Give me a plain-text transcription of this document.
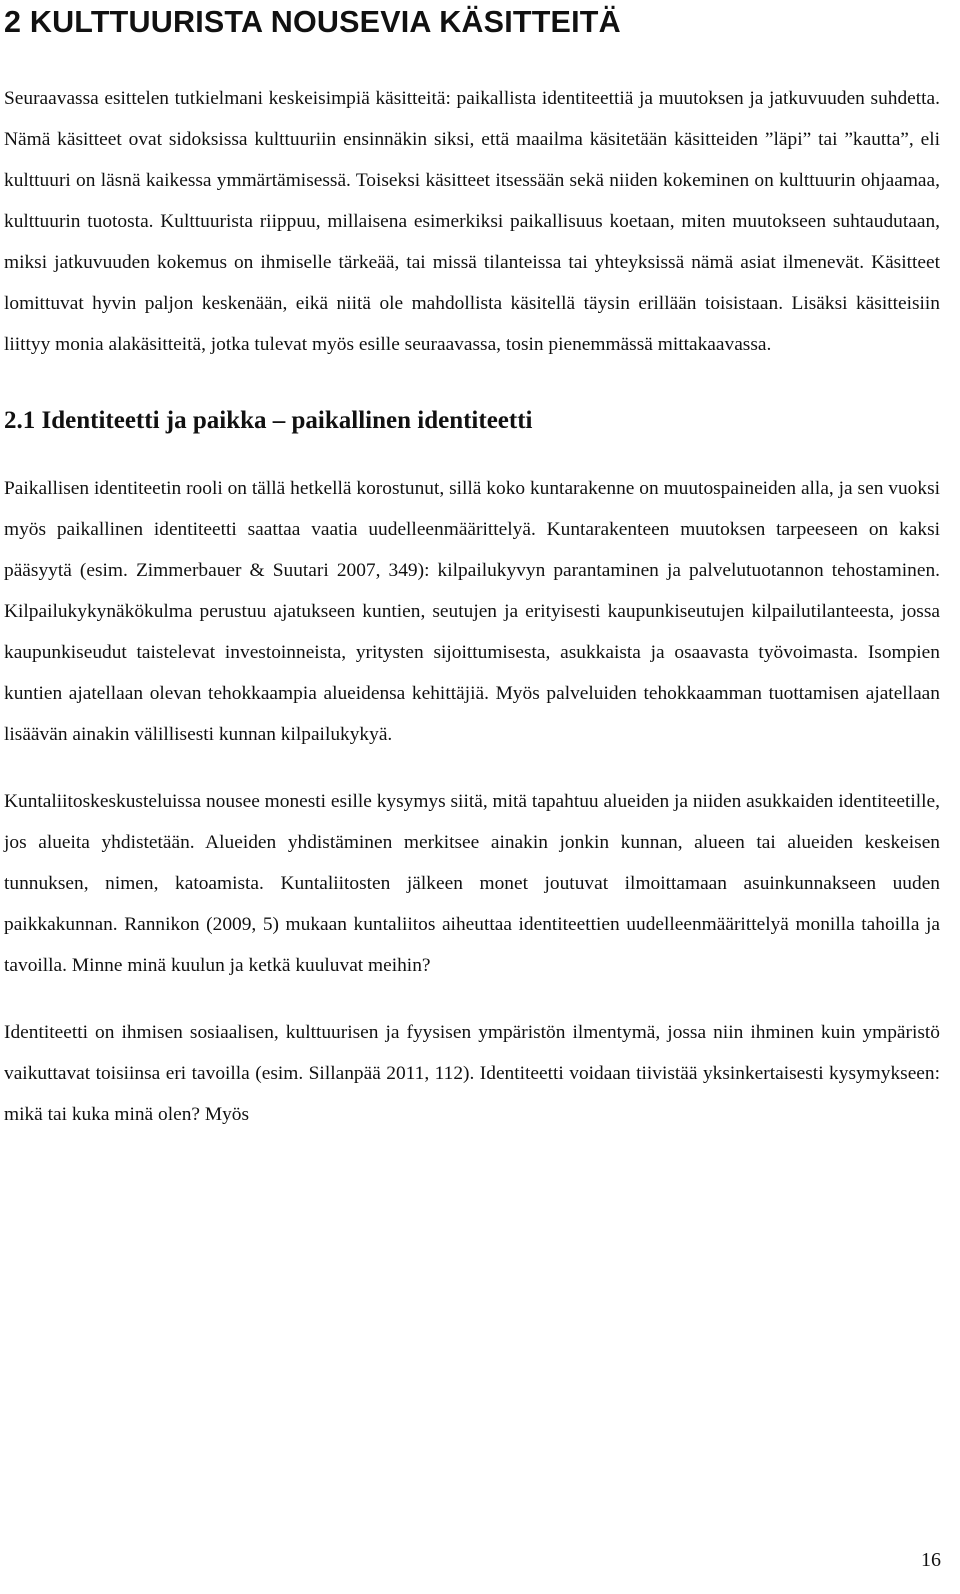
2 KULTTUURISTA NOUSEVIA KÄSITTEITÄ

Seuraavassa esittelen tutkielmani keskeisimpiä käsitteitä: paikallista identiteettiä ja muutoksen ja jatkuvuuden suhdetta. Nämä käsitteet ovat sidoksissa kulttuuriin ensinnäkin siksi, että maailma käsitetään käsitteiden ”läpi” tai ”kautta”, eli kulttuuri on läsnä kaikessa ymmärtämisessä. Toiseksi käsitteet itsessään sekä niiden kokeminen on kulttuurin ohjaamaa, kulttuurin tuotosta. Kulttuurista riippuu, millaisena esimerkiksi paikallisuus koetaan, miten muutokseen suhtaudutaan, miksi jatkuvuuden kokemus on ihmiselle tärkeää, tai missä tilanteissa tai yhteyksissä nämä asiat ilmenevät. Käsitteet lomittuvat hyvin paljon keskenään, eikä niitä ole mahdollista käsitellä täysin erillään toisistaan. Lisäksi käsitteisiin liittyy monia alakäsitteitä, jotka tulevat myös esille seuraavassa, tosin pienemmässä mittakaavassa.

2.1 Identiteetti ja paikka – paikallinen identiteetti

Paikallisen identiteetin rooli on tällä hetkellä korostunut, sillä koko kuntarakenne on muutospaineiden alla, ja sen vuoksi myös paikallinen identiteetti saattaa vaatia uudelleenmäärittelyä. Kuntarakenteen muutoksen tarpeeseen on kaksi pääsyytä (esim. Zimmerbauer & Suutari 2007, 349): kilpailukyvyn parantaminen ja palvelutuotannon tehostaminen. Kilpailukykynäkökulma perustuu ajatukseen kuntien, seutujen ja erityisesti kaupunkiseutujen kilpailutilanteesta, jossa kaupunkiseudut taistelevat investoinneista, yritysten sijoittumisesta, asukkaista ja osaavasta työvoimasta. Isompien kuntien ajatellaan olevan tehokkaampia alueidensa kehittäjiä. Myös palveluiden tehokkaamman tuottamisen ajatellaan lisäävän ainakin välillisesti kunnan kilpailukykyä.

Kuntaliitoskeskusteluissa nousee monesti esille kysymys siitä, mitä tapahtuu alueiden ja niiden asukkaiden identiteetille, jos alueita yhdistetään. Alueiden yhdistäminen merkitsee ainakin jonkin kunnan, alueen tai alueiden keskeisen tunnuksen, nimen, katoamista. Kuntaliitosten jälkeen monet joutuvat ilmoittamaan asuinkunnakseen uuden paikkakunnan. Rannikon (2009, 5) mukaan kuntaliitos aiheuttaa identiteettien uudelleenmäärittelyä monilla tahoilla ja tavoilla. Minne minä kuulun ja ketkä kuuluvat meihin?

Identiteetti on ihmisen sosiaalisen, kulttuurisen ja fyysisen ympäristön ilmentymä, jossa niin ihminen kuin ympäristö vaikuttavat toisiinsa eri tavoilla (esim. Sillanpää 2011, 112). Identiteetti voidaan tiivistää yksinkertaisesti kysymykseen: mikä tai kuka minä olen? Myös

16
